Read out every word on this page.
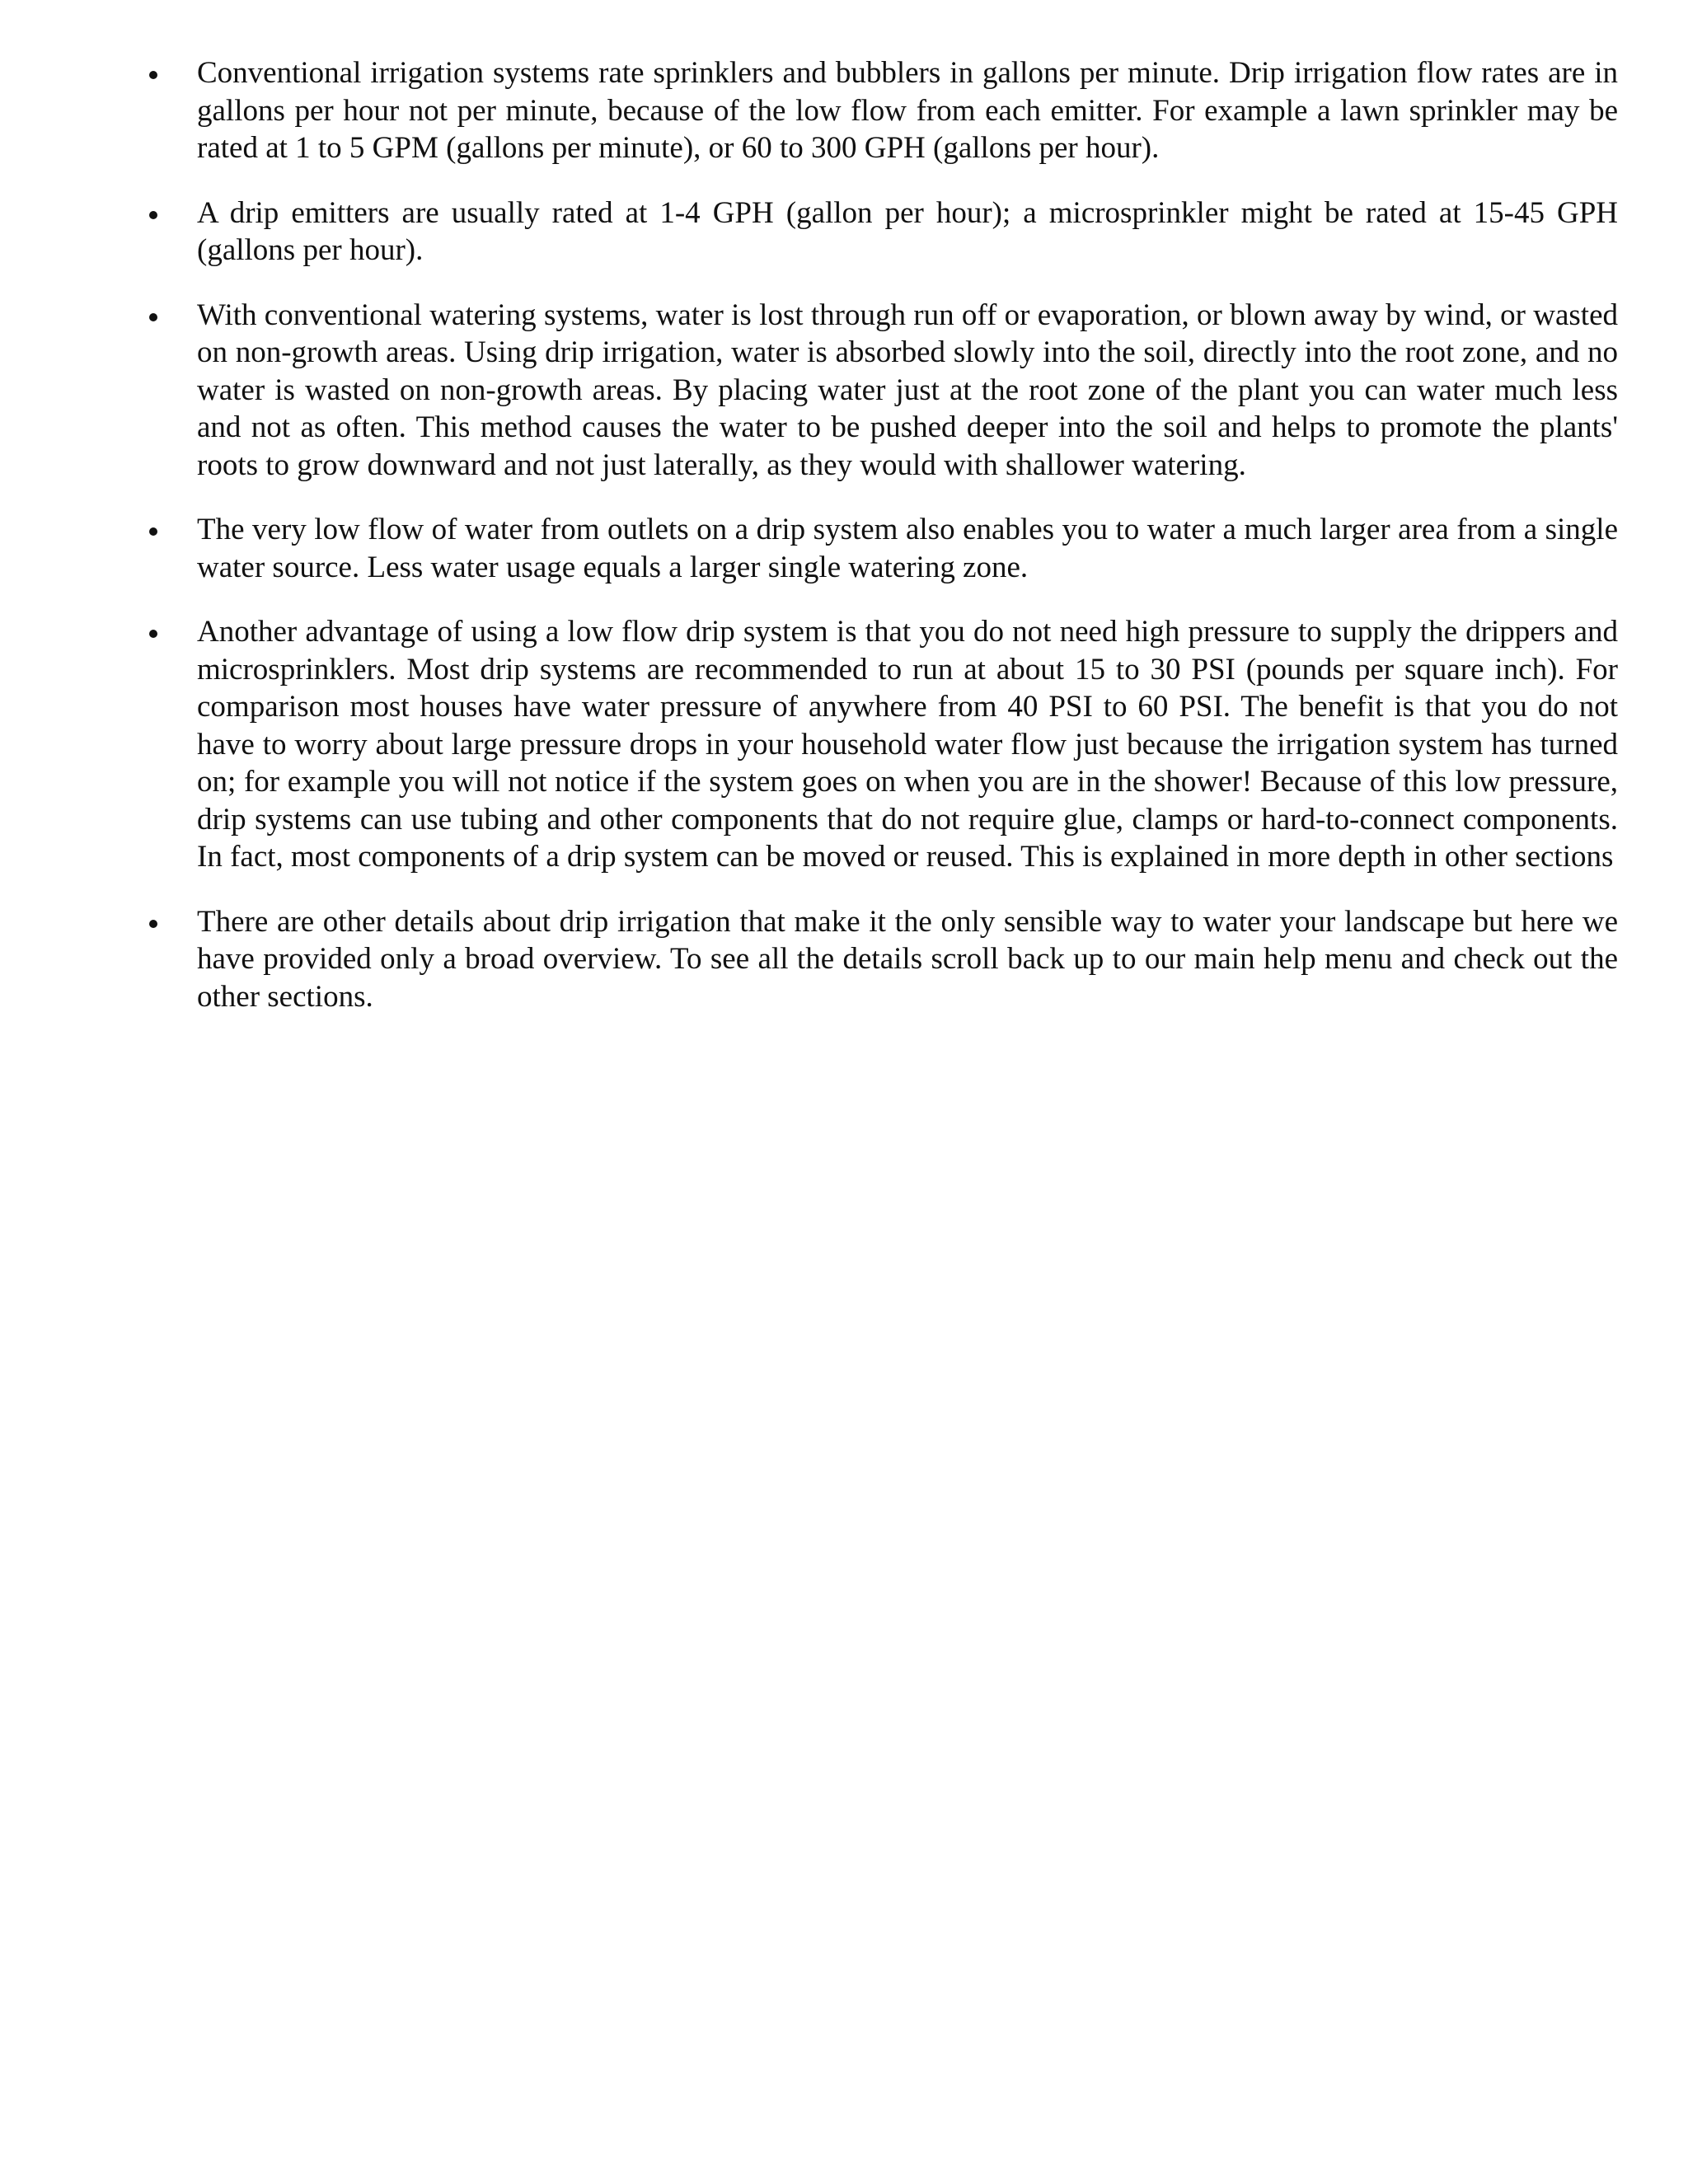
Conventional irrigation systems rate sprinklers and bubblers in gallons per minute. Drip irrigation flow rates are in gallons per hour not per minute, because of the low flow from each emitter. For example a lawn sprinkler may be rated at 1 to 5 GPM (gallons per minute), or 60 to 300 GPH (gallons per hour).
A drip emitters are usually rated at 1-4 GPH (gallon per hour); a microsprinkler might be rated at 15-45 GPH (gallons per hour).
With conventional watering systems, water is lost through run off or evaporation, or blown away by wind, or wasted on non-growth areas. Using drip irrigation, water is absorbed slowly into the soil, directly into the root zone, and no water is wasted on non-growth areas. By placing water just at the root zone of the plant you can water much less and not as often. This method causes the water to be pushed deeper into the soil and helps to promote the plants' roots to grow downward and not just laterally, as they would with shallower watering.
The very low flow of water from outlets on a drip system also enables you to water a much larger area from a single water source. Less water usage equals a larger single watering zone.
Another advantage of using a low flow drip system is that you do not need high pressure to supply the drippers and microsprinklers. Most drip systems are recommended to run at about 15 to 30 PSI (pounds per square inch). For comparison most houses have water pressure of anywhere from 40 PSI to 60 PSI. The benefit is that you do not have to worry about large pressure drops in your household water flow just because the irrigation system has turned on; for example you will not notice if the system goes on when you are in the shower! Because of this low pressure, drip systems can use tubing and other components that do not require glue, clamps or hard-to-connect components. In fact, most components of a drip system can be moved or reused. This is explained in more depth in other sections
There are other details about drip irrigation that make it the only sensible way to water your landscape but here we have provided only a broad overview. To see all the details scroll back up to our main help menu and check out the other sections.
